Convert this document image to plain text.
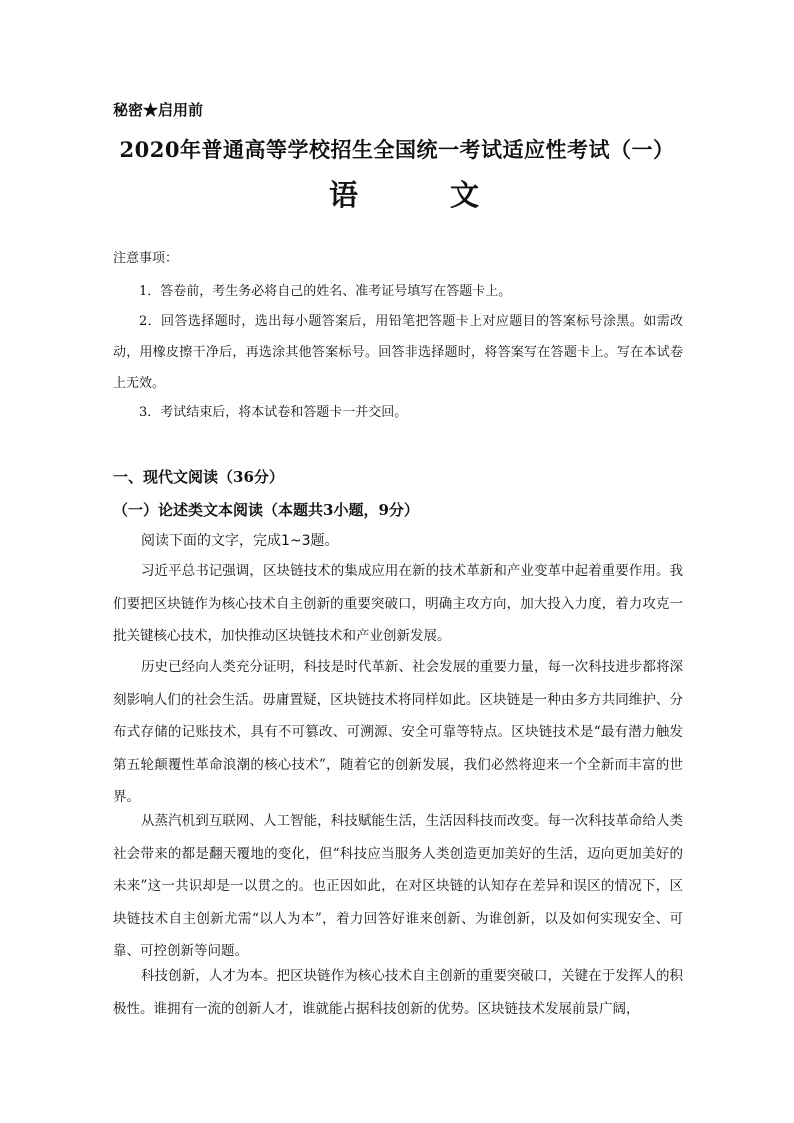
秘密★启用前
2020年普通高等学校招生全国统一考试适应性考试（一）
语	文
注意事项：
1．答卷前，考生务必将自己的姓名、准考证号填写在答题卡上。
2．回答选择题时，选出每小题答案后，用铅笔把答题卡上对应题目的答案标号涂黑。如需改动，用橡皮擦干净后，再选涂其他答案标号。回答非选择题时，将答案写在答题卡上。写在本试卷上无效。
3．考试结束后，将本试卷和答题卡一并交回。
一、现代文阅读（36分）
（一）论述类文本阅读（本题共3小题，9分）
阅读下面的文字，完成1~3题。
习近平总书记强调，区块链技术的集成应用在新的技术革新和产业变革中起着重要作用。我们要把区块链作为核心技术自主创新的重要突破口，明确主攻方向，加大投入力度，着力攻克一批关键核心技术，加快推动区块链技术和产业创新发展。
历史已经向人类充分证明，科技是时代革新、社会发展的重要力量，每一次科技进步都将深刻影响人们的社会生活。毋庸置疑，区块链技术将同样如此。区块链是一种由多方共同维护、分布式存储的记账技术，具有不可篡改、可溯源、安全可靠等特点。区块链技术是“最有潜力触发第五轮颠覆性革命浪潮的核心技术”，随着它的创新发展，我们必然将迎来一个全新而丰富的世界。
从蒸汽机到互联网、人工智能，科技赋能生活，生活因科技而改变。每一次科技革命给人类社会带来的都是翻天覆地的变化，但“科技应当服务人类创造更加美好的生活，迈向更加美好的未来”这一共识却是一以贯之的。也正因如此，在对区块链的认知存在差异和误区的情况下，区块链技术自主创新尤需“以人为本”，着力回答好谁来创新、为谁创新，以及如何实现安全、可靠、可控创新等问题。
科技创新，人才为本。把区块链作为核心技术自主创新的重要突破口，关键在于发挥人的积极性。谁拥有一流的创新人才，谁就能占据科技创新的优势。区块链技术发展前景广阔，
